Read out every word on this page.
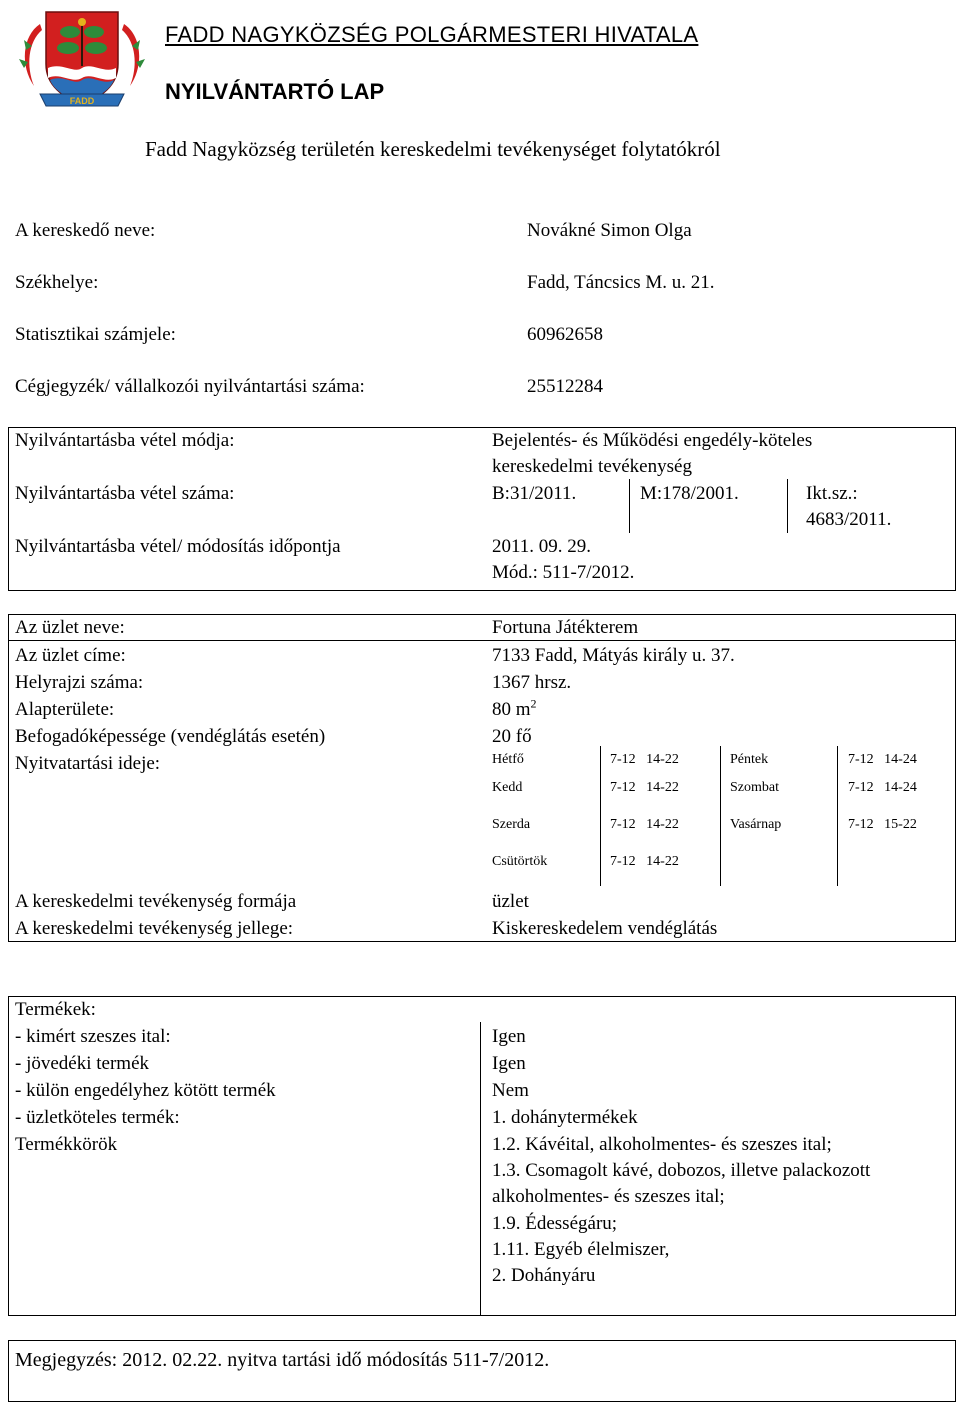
FADD
FADD NAGYKÖZSÉG POLGÁRMESTERI HIVATALA
NYILVÁNTARTÓ LAP
Fadd Nagyközség területén kereskedelmi tevékenységet folytatókról
A kereskedő neve:	Novákné Simon Olga
Székhelye:	Fadd, Táncsics M. u. 21.
Statisztikai számjele:	60962658
Cégjegyzék/ vállalkozói nyilvántartási száma:	25512284
Nyilvántartásba vétel módja:	Bejelentés- és Működési engedély-köteles
kereskedelmi tevékenység
Nyilvántartásba vétel száma:	B:31/2011.	M:178/2001.	Ikt.sz.:
4683/2011.
Nyilvántartásba vétel/ módosítás időpontja	2011. 09. 29.
Mód.: 511-7/2012.
Az üzlet neve:	Fortuna Játékterem
Az üzlet címe:	7133 Fadd, Mátyás király u. 37.
Helyrajzi száma:	1367 hrsz.
Alapterülete:	80 $m^2$
Befogadóképessége (vendéglátás esetén)	20 fő
Nyitvatartási ideje:	Hétfő	7-12   14-22	Péntek	7-12   14-24
Kedd	7-12   14-22	Szombat	7-12   14-24
Szerda	7-12   14-22	Vasárnap	7-12   15-22
Csütörtök	7-12   14-22
A kereskedelmi tevékenység formája	üzlet
A kereskedelmi tevékenység jellege:	Kiskereskedelem vendéglátás
Termékek:
- kimért szeszes ital:	Igen
- jövedéki termék	Igen
- külön engedélyhez kötött termék	Nem
- üzletköteles termék:	1. dohánytermékek
Termékkörök	1.2. Kávéital, alkoholmentes- és szeszes ital;
1.3. Csomagolt kávé, dobozos, illetve palackozott
alkoholmentes- és szeszes ital;
1.9. Édességáru;
1.11. Egyéb élelmiszer,
2. Dohányáru
Megjegyzés: 2012. 02.22. nyitva tartási idő módosítás 511-7/2012.
